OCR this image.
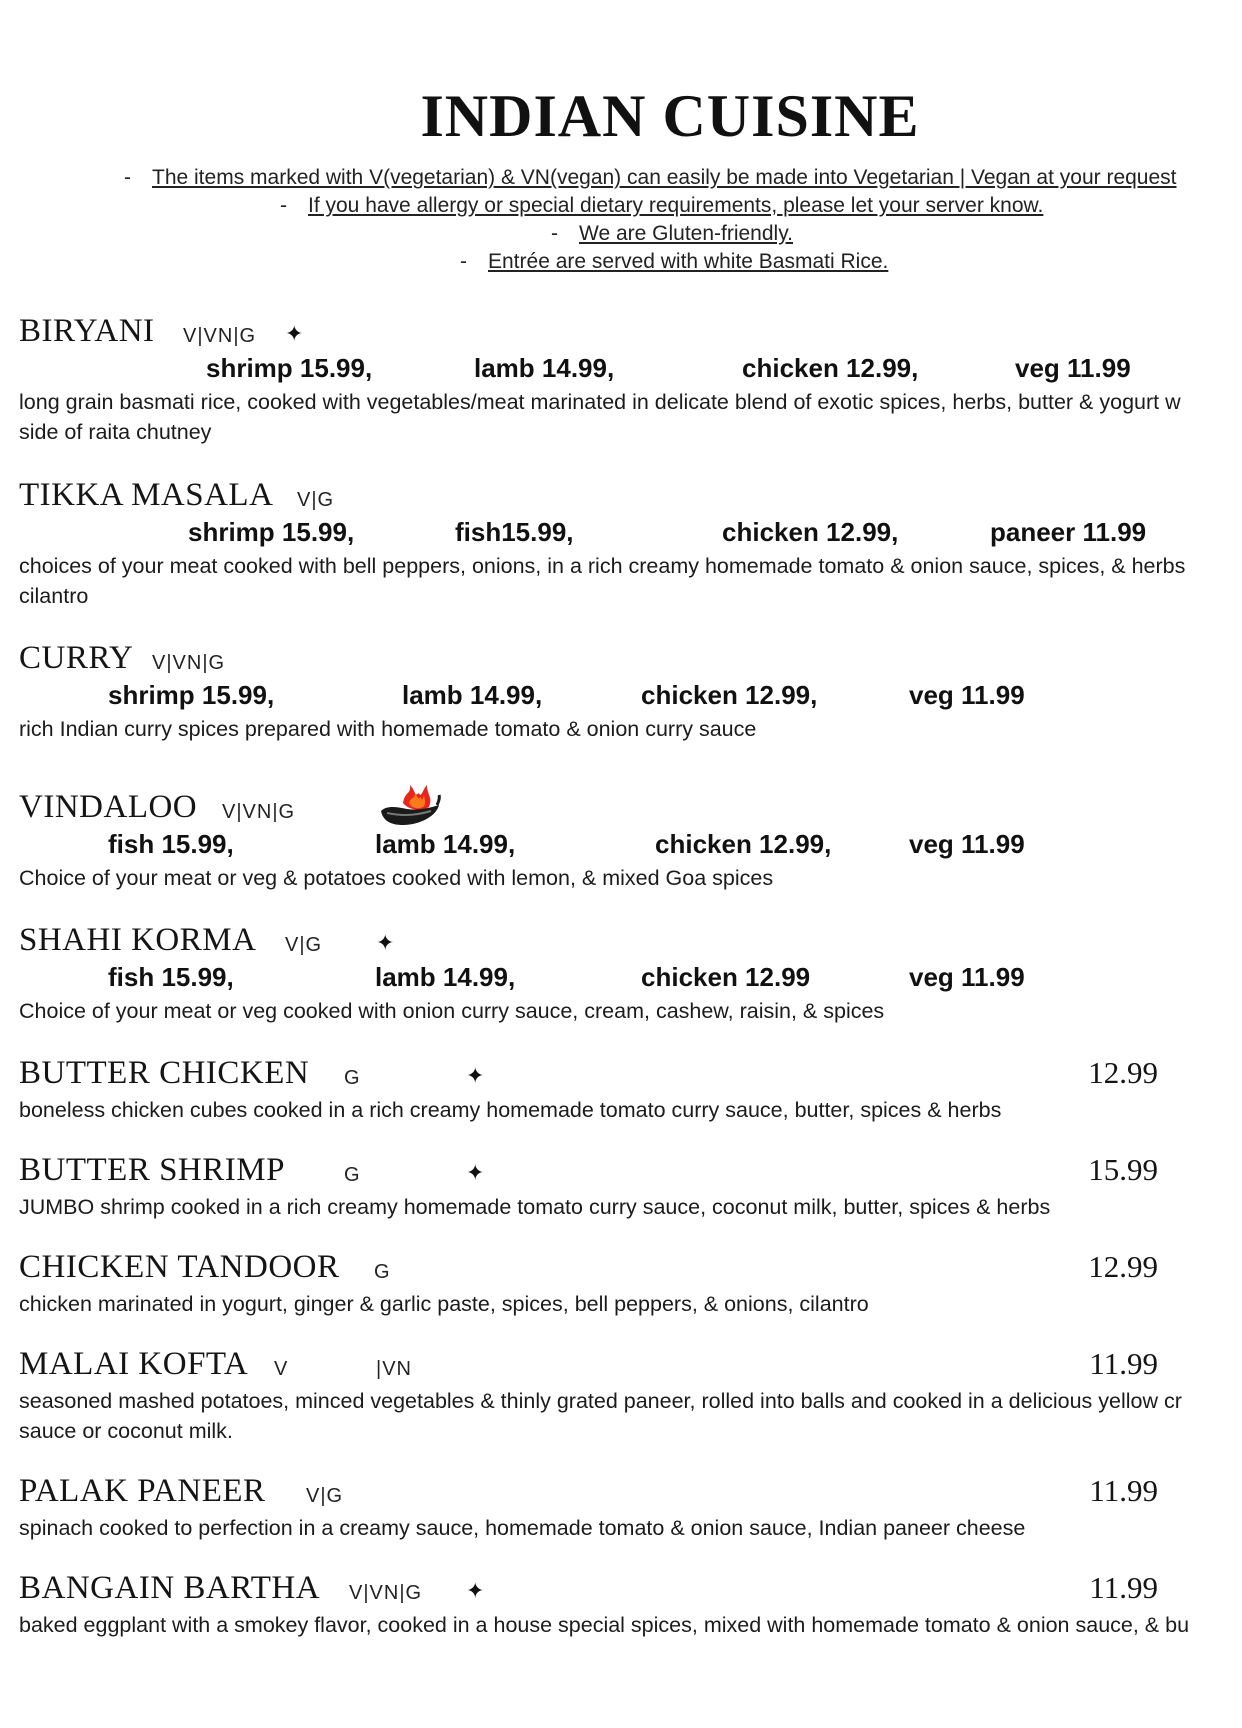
INDIAN CUISINE
- The items marked with V(vegetarian) & VN(vegan) can easily be made into Vegetarian | Vegan at your request
- If you have allergy or special dietary requirements, please let your server know.
- We are Gluten-friendly.
- Entrée are served with white Basmati Rice.
BIRYANI V|VN|G ✦
shrimp 15.99,	lamb 14.99,	chicken 12.99,	veg 11.99
long grain basmati rice, cooked with vegetables/meat marinated in delicate blend of exotic spices, herbs, butter & yogurt w
side of raita chutney
TIKKA MASALA V|G
shrimp 15.99,	fish15.99,	chicken 12.99,	paneer 11.99
choices of your meat cooked with bell peppers, onions, in a rich creamy homemade tomato & onion sauce, spices, & herbs
cilantro
CURRY V|VN|G
shrimp 15.99,	lamb 14.99,	chicken 12.99,	veg 11.99
rich Indian curry spices prepared with homemade tomato & onion curry sauce
VINDALOO V|VN|G
fish 15.99,	lamb 14.99,	chicken 12.99,	veg 11.99
Choice of your meat or veg & potatoes cooked with lemon, & mixed Goa spices
SHAHI KORMA V|G ✦
fish 15.99,	lamb 14.99,	chicken 12.99	veg 11.99
Choice of your meat or veg cooked with onion curry sauce, cream, cashew, raisin, & spices
BUTTER CHICKEN G	✦	12.99
boneless chicken cubes cooked in a rich creamy homemade tomato curry sauce, butter, spices & herbs
BUTTER SHRIMP	G	✦	15.99
JUMBO shrimp cooked in a rich creamy homemade tomato curry sauce, coconut milk, butter, spices & herbs
CHICKEN TANDOOR G	12.99
chicken marinated in yogurt, ginger & garlic paste, spices, bell peppers, & onions, cilantro
MALAI KOFTA V	|VN	11.99
seasoned mashed potatoes, minced vegetables & thinly grated paneer, rolled into balls and cooked in a delicious yellow cr
sauce or coconut milk.
PALAK PANEER V|G	11.99
spinach cooked to perfection in a creamy sauce, homemade tomato & onion sauce, Indian paneer cheese
BANGAIN BARTHA V|VN|G ✦	11.99
baked eggplant with a smokey flavor, cooked in a house special spices, mixed with homemade tomato & onion sauce, & bu
